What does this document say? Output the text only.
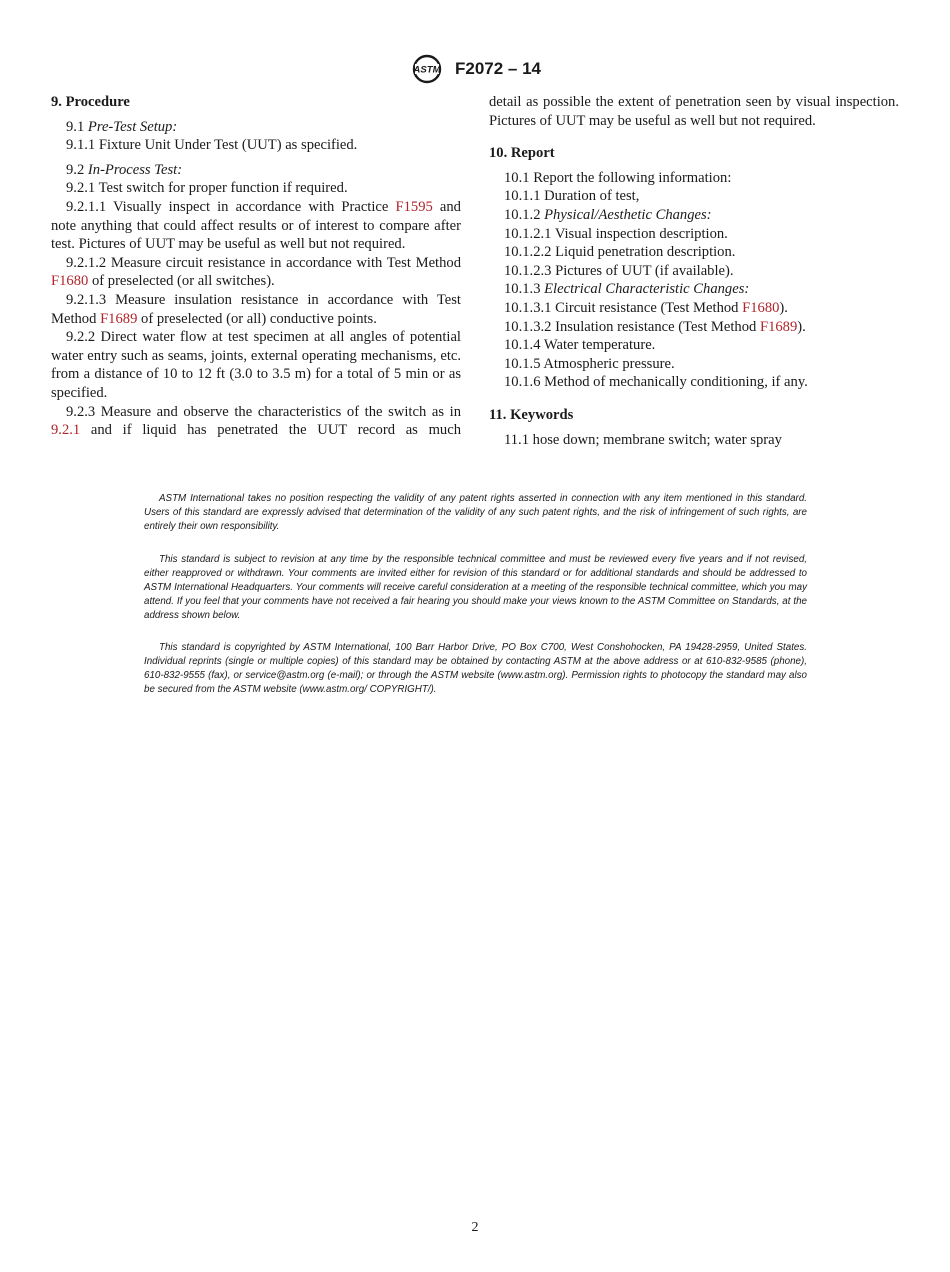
ASTM F2072 – 14

9. Procedure

9.1 Pre-Test Setup:

9.1.1 Fixture Unit Under Test (UUT) as specified.

9.2 In-Process Test:

9.2.1 Test switch for proper function if required.

9.2.1.1 Visually inspect in accordance with Practice F1595 and note anything that could affect results or of interest to compare after test. Pictures of UUT may be useful as well but not required.

9.2.1.2 Measure circuit resistance in accordance with Test Method F1680 of preselected (or all switches).

9.2.1.3 Measure insulation resistance in accordance with Test Method F1689 of preselected (or all) conductive points.

9.2.2 Direct water flow at test specimen at all angles of potential water entry such as seams, joints, external operating mechanisms, etc. from a distance of 10 to 12 ft (3.0 to 3.5 m) for a total of 5 min or as specified.

9.2.3 Measure and observe the characteristics of the switch as in 9.2.1 and if liquid has penetrated the UUT record as much

detail as possible the extent of penetration seen by visual inspection. Pictures of UUT may be useful as well but not required.

10. Report

10.1 Report the following information:

10.1.1 Duration of test,

10.1.2 Physical/Aesthetic Changes:

10.1.2.1 Visual inspection description.

10.1.2.2 Liquid penetration description.

10.1.2.3 Pictures of UUT (if available).

10.1.3 Electrical Characteristic Changes:

10.1.3.1 Circuit resistance (Test Method F1680).

10.1.3.2 Insulation resistance (Test Method F1689).

10.1.4 Water temperature.

10.1.5 Atmospheric pressure.

10.1.6 Method of mechanically conditioning, if any.

11. Keywords

11.1 hose down; membrane switch; water spray

ASTM International takes no position respecting the validity of any patent rights asserted in connection with any item mentioned in this standard. Users of this standard are expressly advised that determination of the validity of any such patent rights, and the risk of infringement of such rights, are entirely their own responsibility.

This standard is subject to revision at any time by the responsible technical committee and must be reviewed every five years and if not revised, either reapproved or withdrawn. Your comments are invited either for revision of this standard or for additional standards and should be addressed to ASTM International Headquarters. Your comments will receive careful consideration at a meeting of the responsible technical committee, which you may attend. If you feel that your comments have not received a fair hearing you should make your views known to the ASTM Committee on Standards, at the address shown below.

This standard is copyrighted by ASTM International, 100 Barr Harbor Drive, PO Box C700, West Conshohocken, PA 19428-2959, United States. Individual reprints (single or multiple copies) of this standard may be obtained by contacting ASTM at the above address or at 610-832-9585 (phone), 610-832-9555 (fax), or service@astm.org (e-mail); or through the ASTM website (www.astm.org). Permission rights to photocopy the standard may also be secured from the ASTM website (www.astm.org/ COPYRIGHT/).

2
